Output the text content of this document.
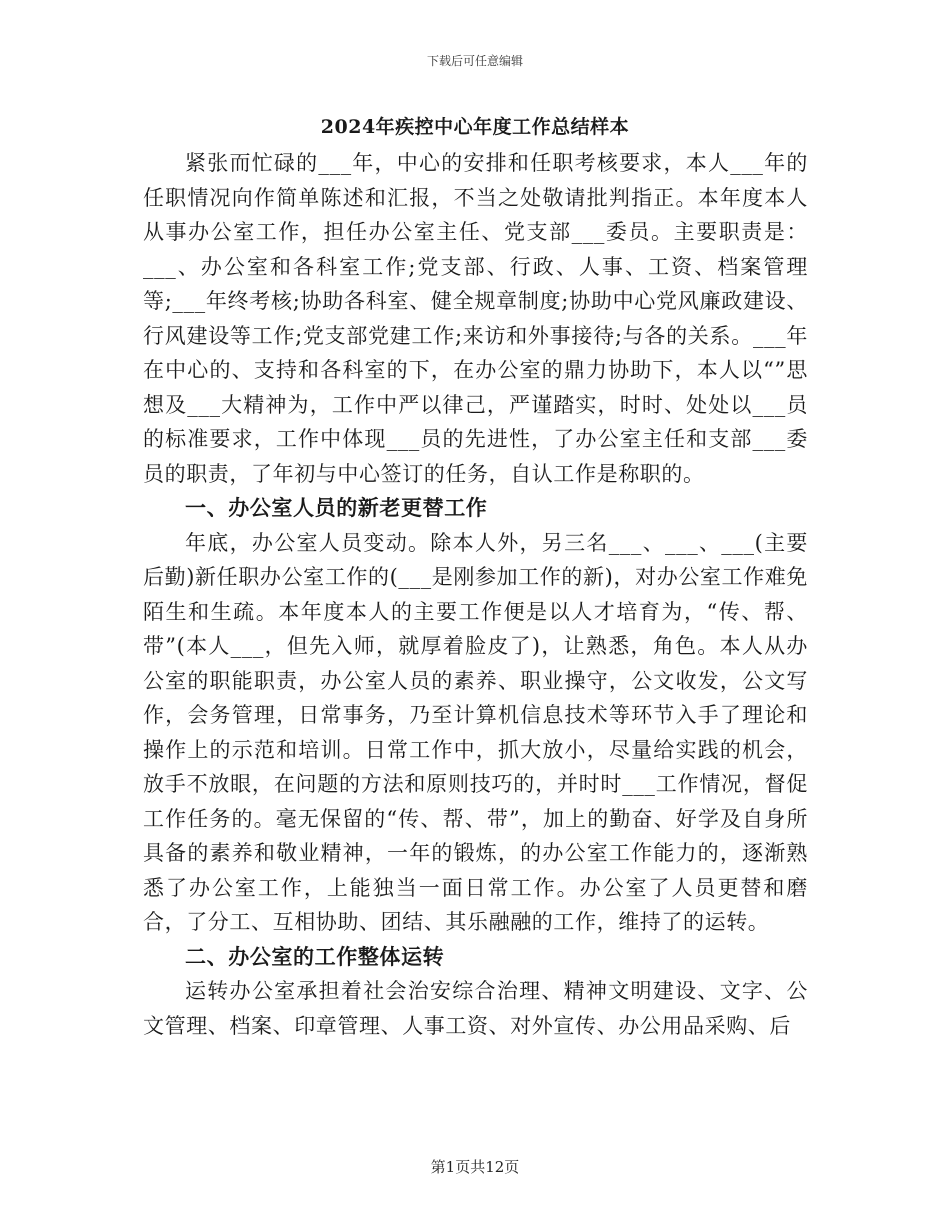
下载后可任意编辑
2024年疾控中心年度工作总结样本

紧张而忙碌的___年，中心的安排和任职考核要求，本人___年的任职情况向作简单陈述和汇报，不当之处敬请批判指正。本年度本人从事办公室工作，担任办公室主任、党支部___委员。主要职责是：___、办公室和各科室工作;党支部、行政、人事、工资、档案管理等;___年终考核;协助各科室、健全规章制度;协助中心党风廉政建设、行风建设等工作;党支部党建工作;来访和外事接待;与各的关系。___年在中心的、支持和各科室的下，在办公室的鼎力协助下，本人以“”思想及___大精神为，工作中严以律己，严谨踏实，时时、处处以___员的标准要求，工作中体现___员的先进性，了办公室主任和支部___委员的职责，了年初与中心签订的任务，自认工作是称职的。

一、办公室人员的新老更替工作

年底，办公室人员变动。除本人外，另三名___、___、___(主要后勤)新任职办公室工作的(___是刚参加工作的新)，对办公室工作难免陌生和生疏。本年度本人的主要工作便是以人才培育为，“传、帮、带”(本人___，但先入师，就厚着脸皮了)，让熟悉，角色。本人从办公室的职能职责，办公室人员的素养、职业操守，公文收发，公文写作，会务管理，日常事务，乃至计算机信息技术等环节入手了理论和操作上的示范和培训。日常工作中，抓大放小，尽量给实践的机会，放手不放眼，在问题的方法和原则技巧的，并时时___工作情况，督促工作任务的。毫无保留的“传、帮、带”，加上的勤奋、好学及自身所具备的素养和敬业精神，一年的锻炼，的办公室工作能力的，逐渐熟悉了办公室工作，上能独当一面日常工作。办公室了人员更替和磨合，了分工、互相协助、团结、其乐融融的工作，维持了的运转。

二、办公室的工作整体运转

运转办公室承担着社会治安综合治理、精神文明建设、文字、公文管理、档案、印章管理、人事工资、对外宣传、办公用品采购、后

第1页共12页
